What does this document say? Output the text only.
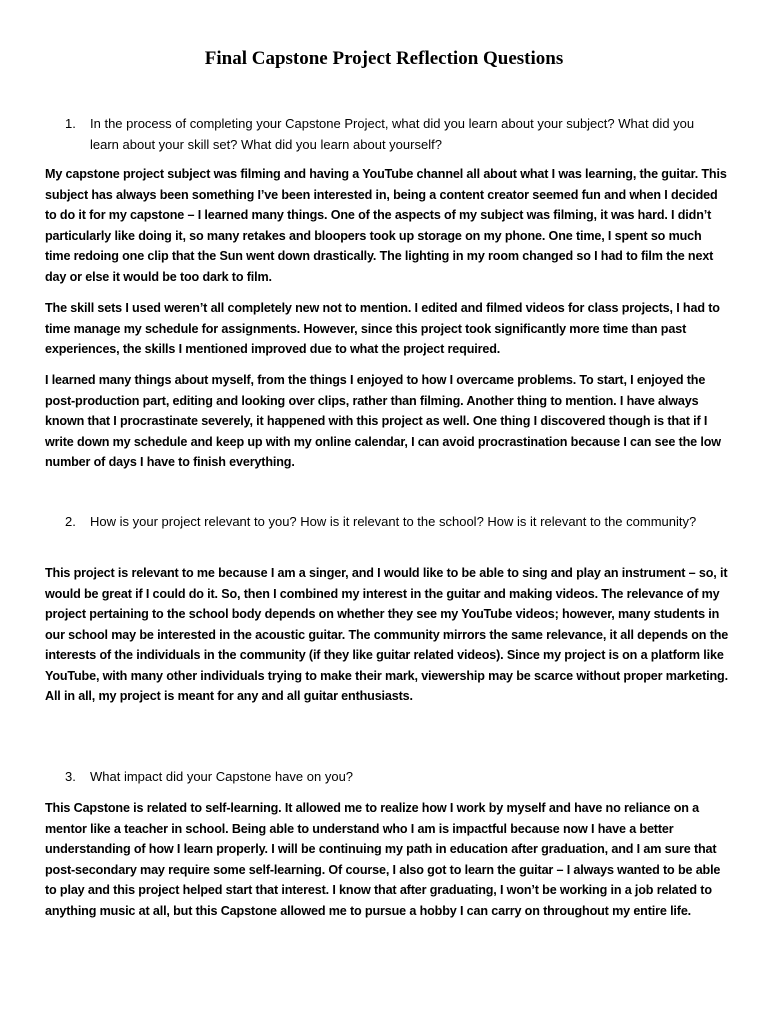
Final Capstone Project Reflection Questions
1.	In the process of completing your Capstone Project, what did you learn about your subject? What did you learn about your skill set? What did you learn about yourself?

My capstone project subject was filming and having a YouTube channel all about what I was learning, the guitar. This subject has always been something I’ve been interested in, being a content creator seemed fun and when I decided to do it for my capstone – I learned many things. One of the aspects of my subject was filming, it was hard. I didn’t particularly like doing it, so many retakes and bloopers took up storage on my phone. One time, I spent so much time redoing one clip that the Sun went down drastically. The lighting in my room changed so I had to film the next day or else it would be too dark to film.

The skill sets I used weren’t all completely new not to mention. I edited and filmed videos for class projects, I had to time manage my schedule for assignments. However, since this project took significantly more time than past experiences, the skills I mentioned improved due to what the project required.

I learned many things about myself, from the things I enjoyed to how I overcame problems. To start, I enjoyed the post-production part, editing and looking over clips, rather than filming. Another thing to mention. I have always known that I procrastinate severely, it happened with this project as well. One thing I discovered though is that if I write down my schedule and keep up with my online calendar, I can avoid procrastination because I can see the low number of days I have to finish everything.

2.	How is your project relevant to you? How is it relevant to the school? How is it relevant to the community?

This project is relevant to me because I am a singer, and I would like to be able to sing and play an instrument – so, it would be great if I could do it. So, then I combined my interest in the guitar and making videos. The relevance of my project pertaining to the school body depends on whether they see my YouTube videos; however, many students in our school may be interested in the acoustic guitar. The community mirrors the same relevance, it all depends on the interests of the individuals in the community (if they like guitar related videos). Since my project is on a platform like YouTube, with many other individuals trying to make their mark, viewership may be scarce without proper marketing. All in all, my project is meant for any and all guitar enthusiasts.

3.	What impact did your Capstone have on you?

This Capstone is related to self-learning. It allowed me to realize how I work by myself and have no reliance on a mentor like a teacher in school. Being able to understand who I am is impactful because now I have a better understanding of how I learn properly. I will be continuing my path in education after graduation, and I am sure that post-secondary may require some self-learning. Of course, I also got to learn the guitar – I always wanted to be able to play and this project helped start that interest. I know that after graduating, I won’t be working in a job related to anything music at all, but this Capstone allowed me to pursue a hobby I can carry on throughout my entire life.
